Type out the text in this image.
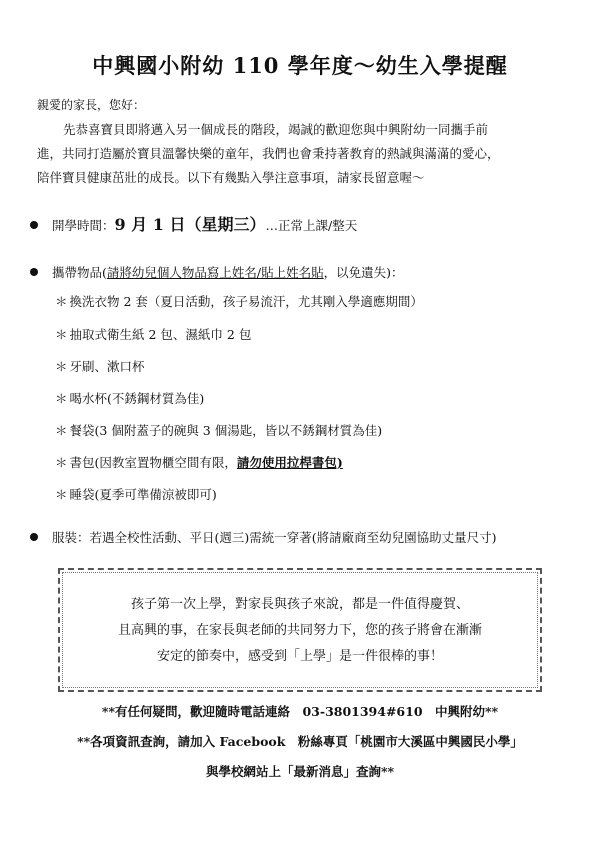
中興國小附幼 110 學年度～幼生入學提醒
親愛的家長，您好：
先恭喜寶貝即將邁入另一個成長的階段，竭誠的歡迎您與中興附幼一同攜手前
進，共同打造屬於寶貝溫馨快樂的童年，我們也會秉持著教育的熱誠與滿滿的愛心，
陪伴寶貝健康茁壯的成長。以下有幾點入學注意事項，請家長留意喔～
開學時間：9 月 1 日（星期三）…正常上課/整天
攜帶物品(請將幼兒個人物品寫上姓名/貼上姓名貼，以免遺失)：
＊ 換洗衣物 2 套（夏日活動，孩子易流汗，尤其剛入學適應期間）
＊ 抽取式衛生紙 2 包、濕紙巾 2 包
＊ 牙刷、漱口杯
＊ 喝水杯(不銹鋼材質為佳)
＊ 餐袋(3 個附蓋子的碗與 3 個湯匙，皆以不銹鋼材質為佳)
＊ 書包(因教室置物櫃空間有限，請勿使用拉桿書包)
＊ 睡袋(夏季可準備涼被即可)
服裝：若遇全校性活動、平日(週三)需統一穿著(將請廠商至幼兒園協助丈量尺寸)
孩子第一次上學，對家長與孩子來說，都是一件值得慶賀、
且高興的事，在家長與老師的共同努力下，您的孩子將會在漸漸
安定的節奏中，感受到「上學」是一件很棒的事！
**有任何疑問，歡迎隨時電話連絡　03-3801394#610　中興附幼**
**各項資訊查詢，請加入 Facebook　粉絲專頁「桃園市大溪區中興國民小學」
與學校網站上「最新消息」查詢**
